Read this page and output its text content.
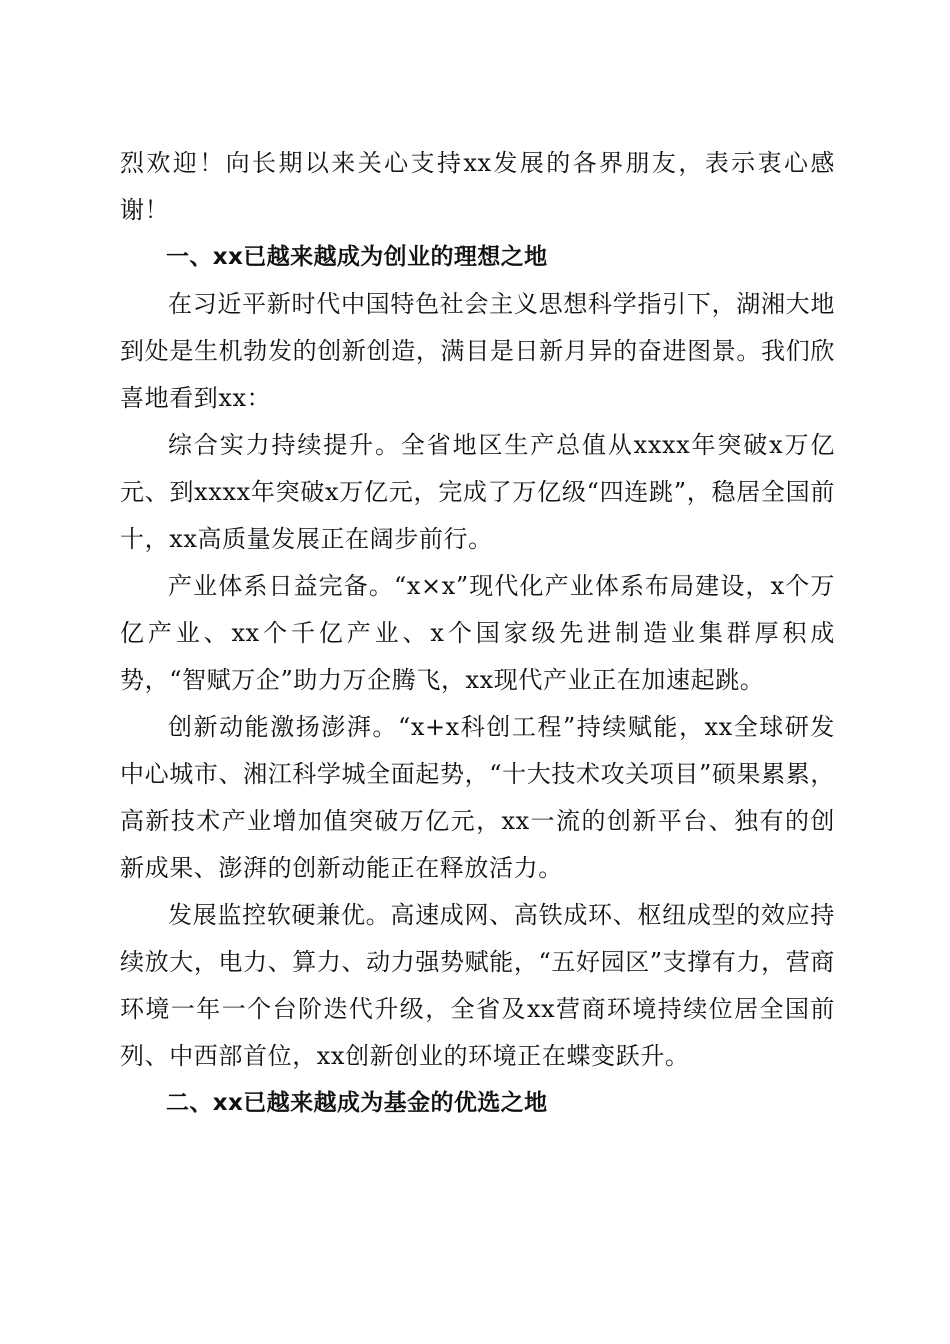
烈欢迎！向长期以来关心支持xx发展的各界朋友，表示衷心感谢！

一、xx已越来越成为创业的理想之地

在习近平新时代中国特色社会主义思想科学指引下，湖湘大地到处是生机勃发的创新创造，满目是日新月异的奋进图景。我们欣喜地看到xx：

综合实力持续提升。全省地区生产总值从xxxx年突破x万亿元、到xxxx年突破x万亿元，完成了万亿级“四连跳”，稳居全国前十，xx高质量发展正在阔步前行。

产业体系日益完备。“x×x”现代化产业体系布局建设，x个万亿产业、xx个千亿产业、x个国家级先进制造业集群厚积成势，“智赋万企”助力万企腾飞，xx现代产业正在加速起跳。

创新动能激扬澎湃。“x+x科创工程”持续赋能，xx全球研发中心城市、湘江科学城全面起势，“十大技术攻关项目”硕果累累，高新技术产业增加值突破万亿元，xx一流的创新平台、独有的创新成果、澎湃的创新动能正在释放活力。

发展监控软硬兼优。高速成网、高铁成环、枢纽成型的效应持续放大，电力、算力、动力强势赋能，“五好园区”支撑有力，营商环境一年一个台阶迭代升级，全省及xx营商环境持续位居全国前列、中西部首位，xx创新创业的环境正在蝶变跃升。

二、xx已越来越成为基金的优选之地
